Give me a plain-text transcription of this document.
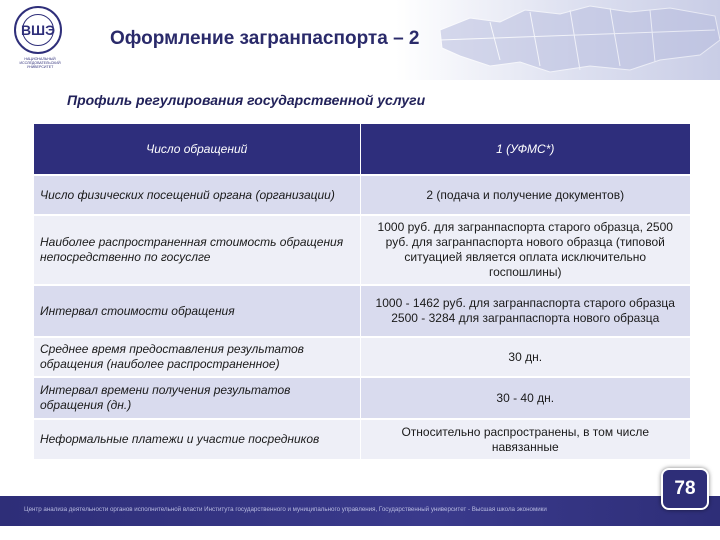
ВШЭ
НАЦИОНАЛЬНЫЙ ИССЛЕДОВАТЕЛЬСКИЙ УНИВЕРСИТЕТ
Оформление загранпаспорта – 2
Профиль регулирования государственной услуги
Число обращений	1 (УФМС*)
Число физических посещений органа (организации)	2 (подача и получение документов)
Наиболее распространенная стоимость обращения непосредственно по госуслге	1000 руб. для загранпаспорта старого образца, 2500 руб. для загранпаспорта нового образца (типовой ситуацией является оплата исключительно госпошлины)
Интервал стоимости обращения	1000 - 1462 руб. для загранпаспорта старого образца 2500 - 3284 для загранпаспорта нового образца
Среднее время предоставления результатов обращения (наиболее распространенное)	30 дн.
Интервал времени получения результатов обращения (дн.)	30 - 40 дн.
Неформальные платежи и участие посредников	Относительно распространены, в том числе навязанные
Центр анализа деятельности органов исполнительной власти Института государственного и муниципального управления, Государственный университет - Высшая школа экономики
78
